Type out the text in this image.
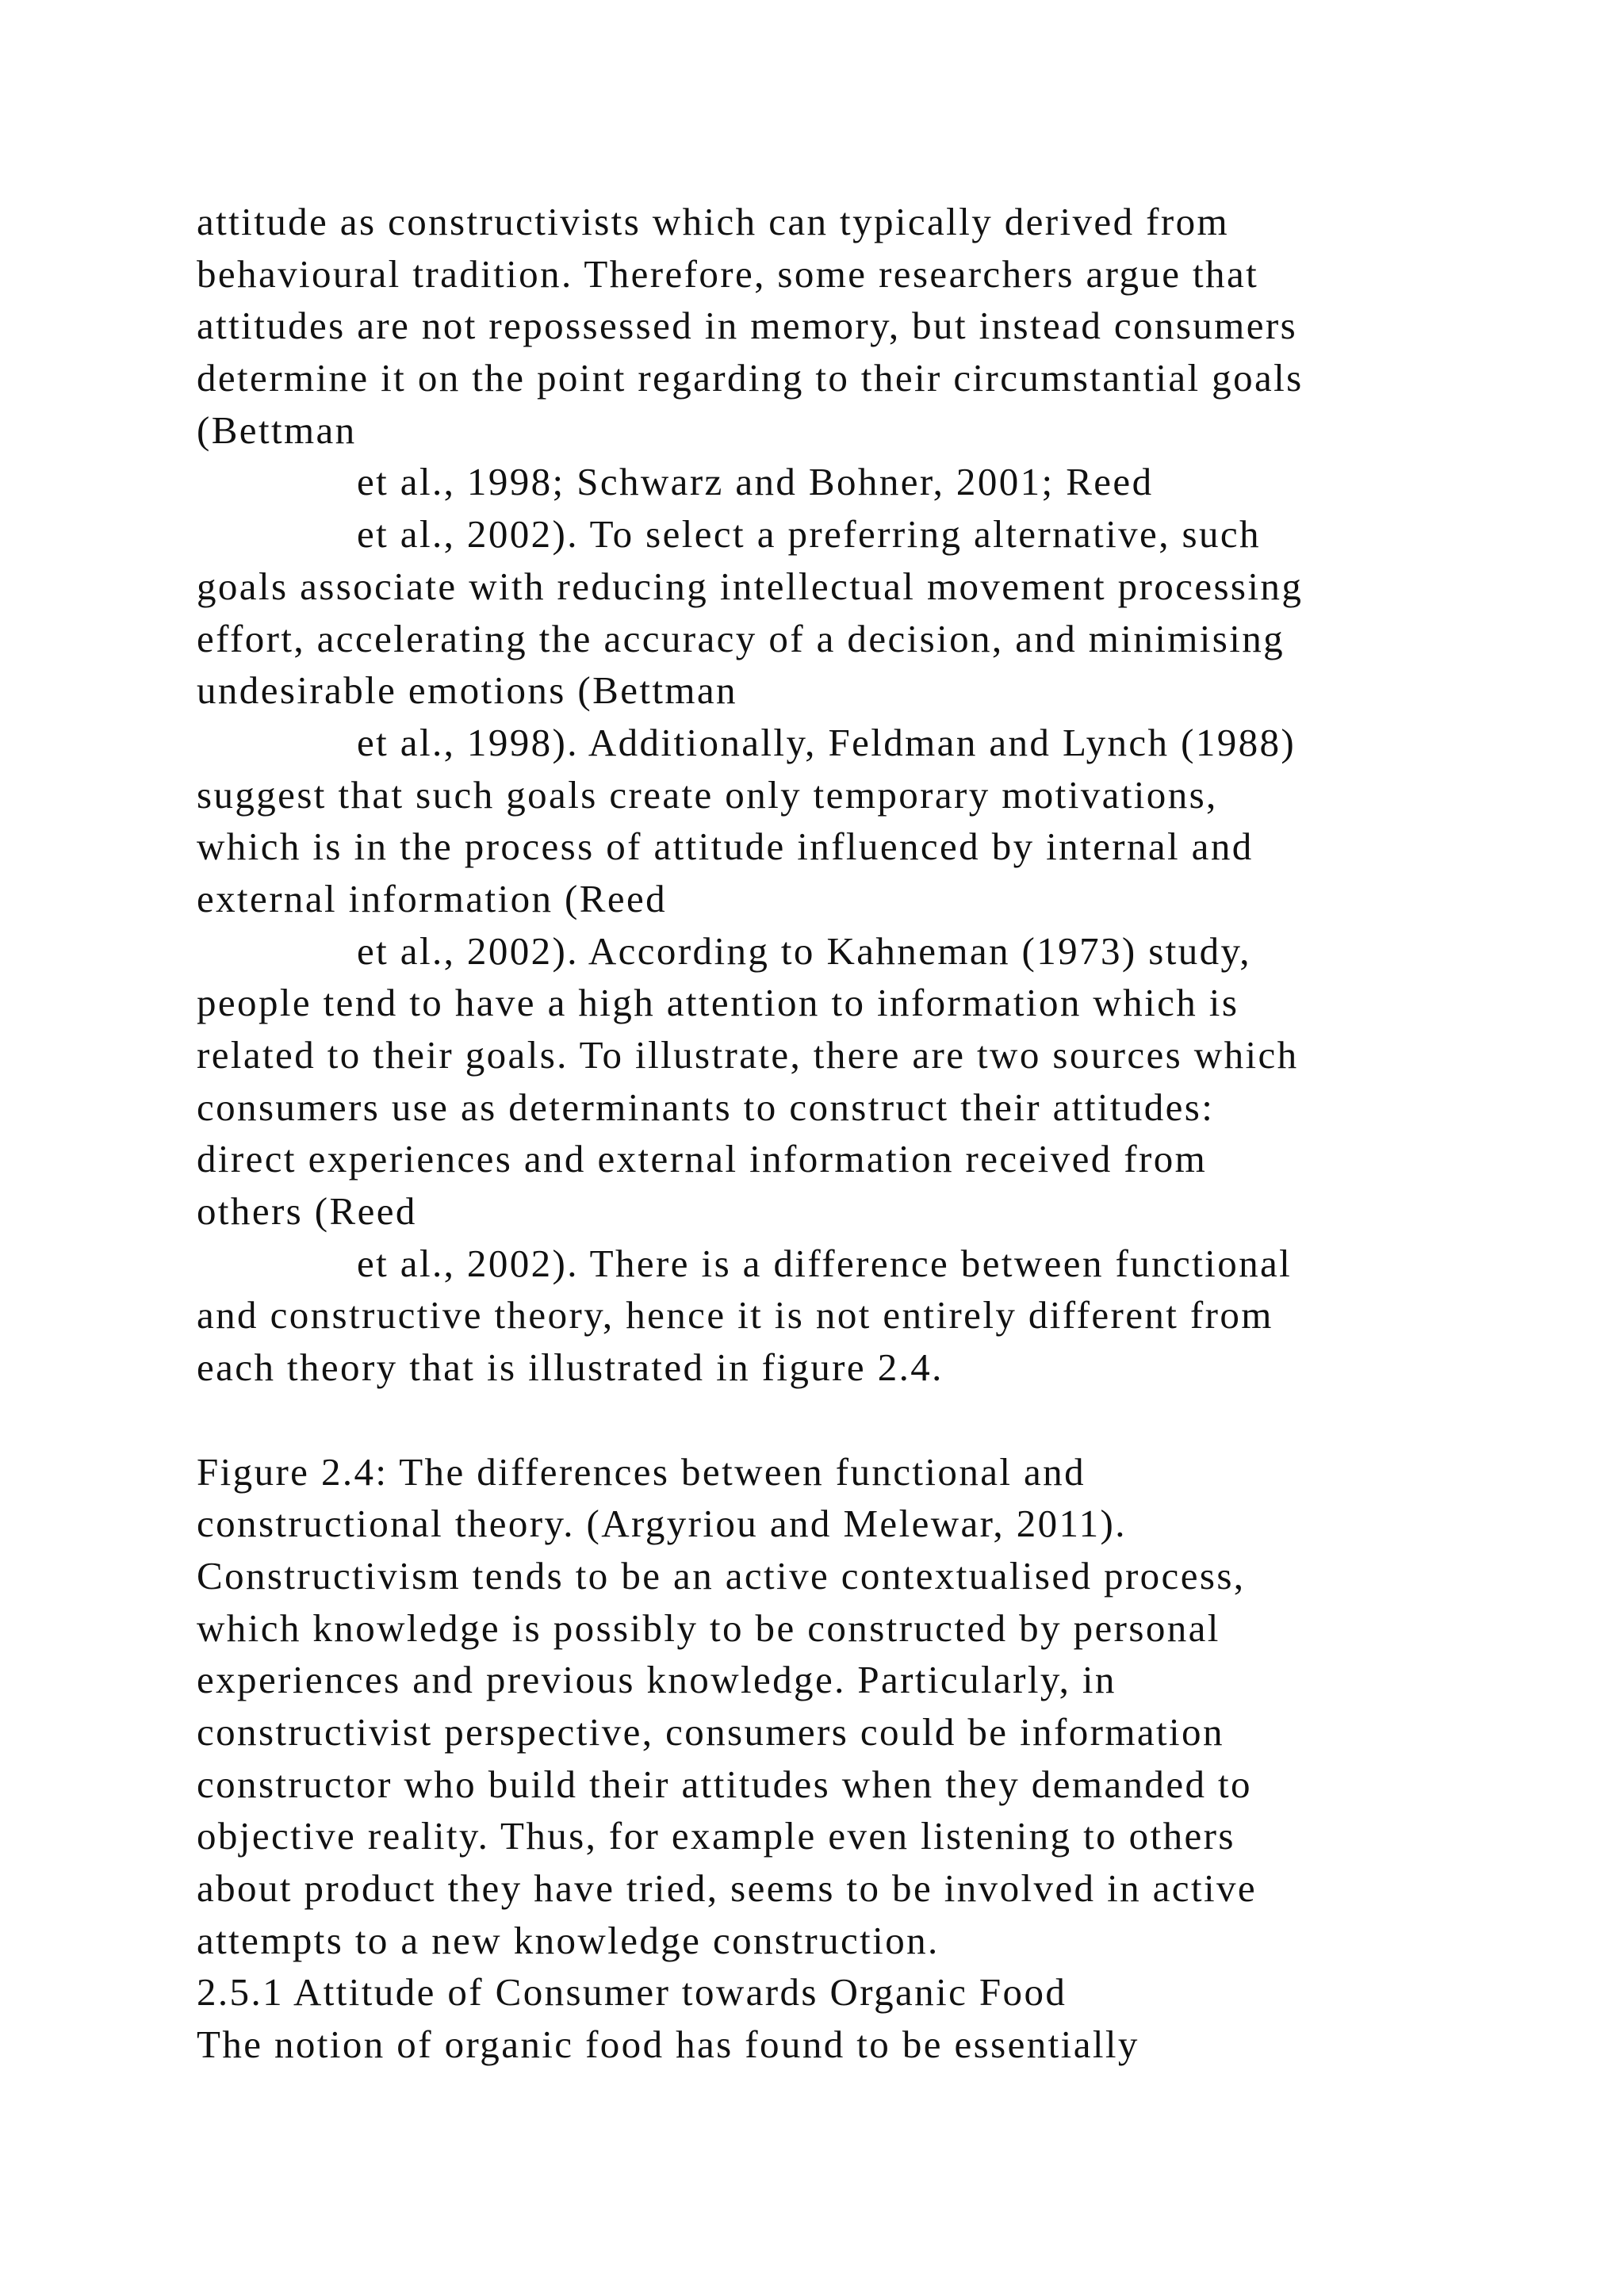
attitude as constructivists which can typically derived from
behavioural tradition. Therefore, some researchers argue that
attitudes are not repossessed in memory, but instead consumers
determine it on the point regarding to their circumstantial goals
(Bettman
et al., 1998; Schwarz and Bohner, 2001; Reed
et al., 2002). To select a preferring alternative, such
goals associate with reducing intellectual movement processing
effort, accelerating the accuracy of a decision, and minimising
undesirable emotions (Bettman
et al., 1998). Additionally, Feldman and Lynch (1988)
suggest that such goals create only temporary motivations,
which is in the process of attitude influenced by internal and
external information (Reed
et al., 2002). According to Kahneman (1973) study,
people tend to have a high attention to information which is
related to their goals. To illustrate, there are two sources which
consumers use as determinants to construct their attitudes:
direct experiences and external information received from
others (Reed
et al., 2002). There is a difference between functional
and constructive theory, hence it is not entirely different from
each theory that is illustrated in figure 2.4.
Figure 2.4: The differences between functional and
constructional theory. (Argyriou and Melewar, 2011).
Constructivism tends to be an active contextualised process,
which knowledge is possibly to be constructed by personal
experiences and previous knowledge. Particularly, in
constructivist perspective, consumers could be information
constructor who build their attitudes when they demanded to
objective reality. Thus, for example even listening to others
about product they have tried, seems to be involved in active
attempts to a new knowledge construction.
2.5.1 Attitude of Consumer towards Organic Food
The notion of organic food has found to be essentially
